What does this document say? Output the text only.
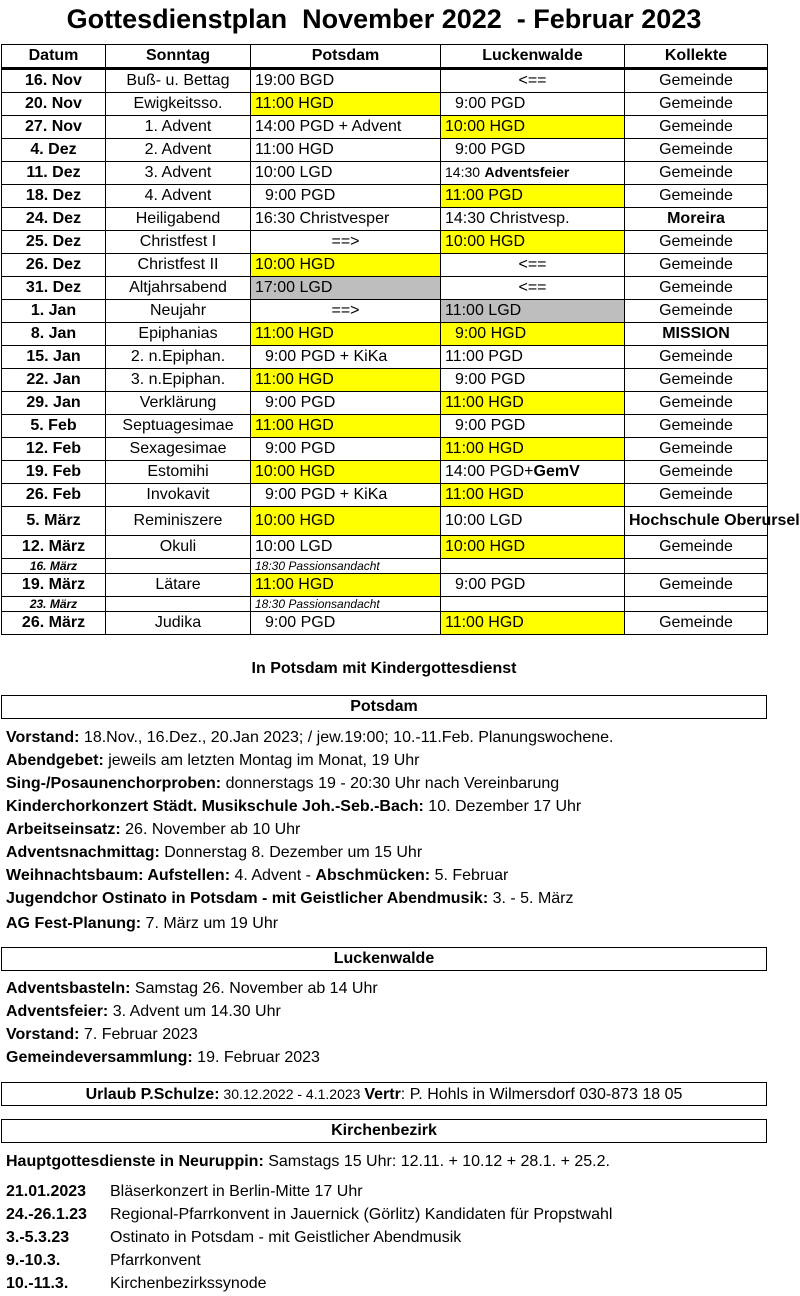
Gottesdienstplan  November 2022  - Februar 2023
Datum	Sonntag	Potsdam	Luckenwalde	Kollekte
16. Nov	Buß- u. Bettag	19:00 BGD	<==	Gemeinde
20. Nov	Ewigkeitsso.	11:00 HGD	9:00 PGD	Gemeinde
27. Nov	1. Advent	14:00 PGD + Advent	10:00 HGD	Gemeinde
4. Dez	2. Advent	11:00 HGD	9:00 PGD	Gemeinde
11. Dez	3. Advent	10:00 LGD	14:30 Adventsfeier	Gemeinde
18. Dez	4. Advent	9:00 PGD	11:00 PGD	Gemeinde
24. Dez	Heiligabend	16:30 Christvesper	14:30 Christvesp.	Moreira
25. Dez	Christfest I	==>	10:00 HGD	Gemeinde
26. Dez	Christfest II	10:00 HGD	<==	Gemeinde
31. Dez	Altjahrsabend	17:00 LGD	<==	Gemeinde
1. Jan	Neujahr	==>	11:00 LGD	Gemeinde
8. Jan	Epiphanias	11:00 HGD	9:00 HGD	MISSION
15. Jan	2. n.Epiphan.	9:00 PGD + KiKa	11:00 PGD	Gemeinde
22. Jan	3. n.Epiphan.	11:00 HGD	9:00 PGD	Gemeinde
29. Jan	Verklärung	9:00 PGD	11:00 HGD	Gemeinde
5. Feb	Septuagesimae	11:00 HGD	9:00 PGD	Gemeinde
12. Feb	Sexagesimae	9:00 PGD	11:00 HGD	Gemeinde
19. Feb	Estomihi	10:00 HGD	14:00 PGD+GemV	Gemeinde
26. Feb	Invokavit	9:00 PGD + KiKa	11:00 HGD	Gemeinde
5. März	Reminiszere	10:00 HGD	10:00 LGD	Hochschule Oberursel
12. März	Okuli	10:00 LGD	10:00 HGD	Gemeinde
16. März		18:30 Passionsandacht		
19. März	Lätare	11:00 HGD	9:00 PGD	Gemeinde
23. März		18:30 Passionsandacht		
26. März	Judika	9:00 PGD	11:00 HGD	Gemeinde
In Potsdam mit Kindergottesdienst
Potsdam
Vorstand: 18.Nov., 16.Dez., 20.Jan 2023; / jew.19:00; 10.-11.Feb. Planungswochene.
Abendgebet: jeweils am letzten Montag im Monat, 19 Uhr
Sing-/Posaunenchorproben: donnerstags 19 - 20:30 Uhr nach Vereinbarung
Kinderchorkonzert Städt. Musikschule Joh.-Seb.-Bach: 10. Dezember 17 Uhr
Arbeitseinsatz: 26. November ab 10 Uhr
Adventsnachmittag: Donnerstag 8. Dezember um 15 Uhr
Weihnachtsbaum: Aufstellen: 4. Advent - Abschmücken: 5. Februar
Jugendchor Ostinato in Potsdam - mit Geistlicher Abendmusik: 3. - 5. März
AG Fest-Planung: 7. März um 19 Uhr
Luckenwalde
Adventsbasteln: Samstag 26. November ab 14 Uhr
Adventsfeier: 3. Advent um 14.30 Uhr
Vorstand: 7. Februar 2023
Gemeindeversammlung: 19. Februar 2023
Urlaub P.Schulze: 30.12.2022 - 4.1.2023 Vertr: P. Hohls in Wilmersdorf 030-873 18 05
Kirchenbezirk
Hauptgottesdienste in Neuruppin: Samstags 15 Uhr: 12.11. + 10.12 + 28.1. + 25.2.
21.01.2023 Bläserkonzert in Berlin-Mitte 17 Uhr
24.-26.1.23 Regional-Pfarrkonvent in Jauernick (Görlitz) Kandidaten für Propstwahl
3.-5.3.23	Ostinato in Potsdam - mit Geistlicher Abendmusik
9.-10.3.	Pfarrkonvent
10.-11.3.	Kirchenbezirkssynode
